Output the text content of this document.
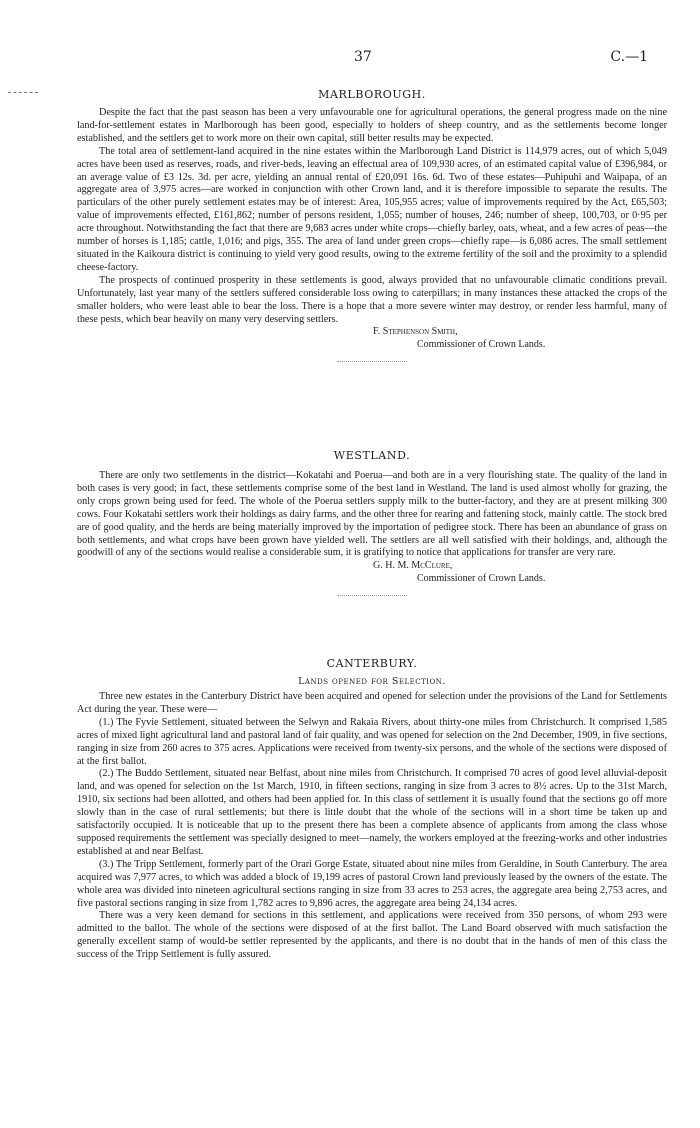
37	C.—1
MARLBOROUGH.

Despite the fact that the past season has been a very unfavourable one for agricultural operations, the general progress made on the nine land-for-settlement estates in Marlborough has been good, especially to holders of sheep country, and as the settlements become longer established, and the settlers get to work more on their own capital, still better results may be expected.

The total area of settlement-land acquired in the nine estates within the Marlborough Land District is 114,979 acres, out of which 5,049 acres have been used as reserves, roads, and river-beds, leaving an effectual area of 109,930 acres, of an estimated capital value of £396,984, or an average value of £3 12s. 3d. per acre, yielding an annual rental of £20,091 16s. 6d. Two of these estates—Puhipuhi and Waipapa, of an aggregate area of 3,975 acres—are worked in conjunction with other Crown land, and it is therefore impossible to separate the results. The particulars of the other purely settlement estates may be of interest: Area, 105,955 acres; value of improvements required by the Act, £65,503; value of improvements effected, £161,862; number of persons resident, 1,055; number of houses, 246; number of sheep, 100,703, or 0·95 per acre throughout. Notwithstanding the fact that there are 9,683 acres under white crops—chiefly barley, oats, wheat, and a few acres of peas—the number of horses is 1,185; cattle, 1,016; and pigs, 355. The area of land under green crops—chiefly rape—is 6,086 acres. The small settlement situated in the Kaikoura district is continuing to yield very good results, owing to the extreme fertility of the soil and the proximity to a splendid cheese-factory.

The prospects of continued prosperity in these settlements is good, always provided that no unfavourable climatic conditions prevail. Unfortunately, last year many of the settlers suffered considerable loss owing to caterpillars; in many instances these attacked the crops of the smaller holders, who were least able to bear the loss. There is a hope that a more severe winter may destroy, or render less harmful, many of these pests, which bear heavily on many very deserving settlers.

F. Stephenson Smith,
Commissioner of Crown Lands.
WESTLAND.

There are only two settlements in the district—Kokatahi and Poerua—and both are in a very flourishing state. The quality of the land in both cases is very good; in fact, these settlements comprise some of the best land in Westland. The land is used almost wholly for grazing, the only crops grown being used for feed. The whole of the Poerua settlers supply milk to the butter-factory, and they are at present milking 300 cows. Four Kokatahi settlers work their holdings as dairy farms, and the other three for rearing and fattening stock, mainly cattle. The stock bred are of good quality, and the herds are being materially improved by the importation of pedigree stock. There has been an abundance of grass on both settlements, and what crops have been grown have yielded well. The settlers are all well satisfied with their holdings, and, although the goodwill of any of the sections would realise a considerable sum, it is gratifying to notice that applications for transfer are very rare.

G. H. M. McClure,
Commissioner of Crown Lands.
CANTERBURY.
Lands opened for Selection.

Three new estates in the Canterbury District have been acquired and opened for selection under the provisions of the Land for Settlements Act during the year. These were—

(1.) The Fyvie Settlement, situated between the Selwyn and Rakaia Rivers, about thirty-one miles from Christchurch. It comprised 1,585 acres of mixed light agricultural land and pastoral land of fair quality, and was opened for selection on the 2nd December, 1909, in five sections, ranging in size from 260 acres to 375 acres. Applications were received from twenty-six persons, and the whole of the sections were disposed of at the first ballot.

(2.) The Buddo Settlement, situated near Belfast, about nine miles from Christchurch. It comprised 70 acres of good level alluvial-deposit land, and was opened for selection on the 1st March, 1910, in fifteen sections, ranging in size from 3 acres to 8½ acres. Up to the 31st March, 1910, six sections had been allotted, and others had been applied for. In this class of settlement it is usually found that the sections go off more slowly than in the case of rural settlements; but there is little doubt that the whole of the sections will in a short time be taken up and satisfactorily occupied. It is noticeable that up to the present there has been a complete absence of applicants from among the class whose supposed requirements the settlement was specially designed to meet—namely, the workers employed at the freezing-works and other industries established at and near Belfast.

(3.) The Tripp Settlement, formerly part of the Orari Gorge Estate, situated about nine miles from Geraldine, in South Canterbury. The area acquired was 7,977 acres, to which was added a block of 19,199 acres of pastoral Crown land previously leased by the owners of the estate. The whole area was divided into nineteen agricultural sections ranging in size from 33 acres to 253 acres, the aggregate area being 2,753 acres, and five pastoral sections ranging in size from 1,782 acres to 9,896 acres, the aggregate area being 24,134 acres.

There was a very keen demand for sections in this settlement, and applications were received from 350 persons, of whom 293 were admitted to the ballot. The whole of the sections were disposed of at the first ballot. The Land Board observed with much satisfaction the generally excellent stamp of would-be settler represented by the applicants, and there is no doubt that in the hands of men of this class the success of the Tripp Settlement is fully assured.
